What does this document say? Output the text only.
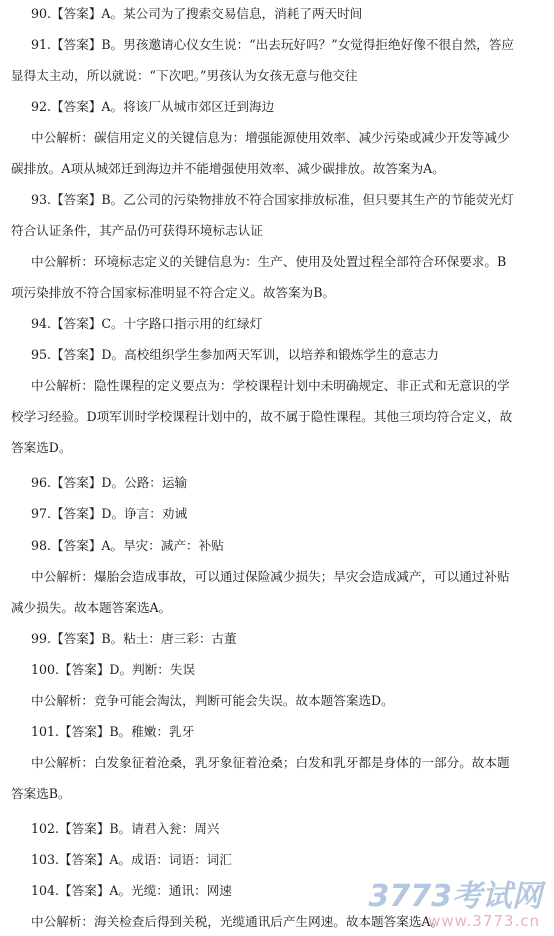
90.【答案】A。某公司为了搜索交易信息，消耗了两天时间
91.【答案】B。男孩邀请心仪女生说：“出去玩好吗？”女觉得拒绝好像不很自然，答应
显得太主动，所以就说：“下次吧。”男孩认为女孩无意与他交往
92.【答案】A。将该厂从城市郊区迁到海边
中公解析：碳信用定义的关键信息为：增强能源使用效率、减少污染或减少开发等减少
碳排放。A项从城郊迁到海边并不能增强使用效率、减少碳排放。故答案为A。
93.【答案】B。乙公司的污染物排放不符合国家排放标准，但只要其生产的节能荧光灯
符合认证条件，其产品仍可获得环境标志认证
中公解析：环境标志定义的关键信息为：生产、使用及处置过程全部符合环保要求。B
项污染排放不符合国家标准明显不符合定义。故答案为B。
94.【答案】C。十字路口指示用的红绿灯
95.【答案】D。高校组织学生参加两天军训，以培养和锻炼学生的意志力
中公解析：隐性课程的定义要点为：学校课程计划中未明确规定、非正式和无意识的学
校学习经验。D项军训时学校课程计划中的，故不属于隐性课程。其他三项均符合定义，故
答案选D。
96.【答案】D。公路：运输
97.【答案】D。诤言：劝诫
98.【答案】A。旱灾：减产：补贴
中公解析：爆胎会造成事故，可以通过保险减少损失；旱灾会造成减产，可以通过补贴
减少损失。故本题答案选A。
99.【答案】B。粘土：唐三彩：古董
100.【答案】D。判断：失误
中公解析：竞争可能会淘汰，判断可能会失误。故本题答案选D。
101.【答案】B。稚嫩：乳牙
中公解析：白发象征着沧桑，乳牙象征着沧桑；白发和乳牙都是身体的一部分。故本题
答案选B。
102.【答案】B。请君入瓮：周兴
103.【答案】A。成语：词语：词汇
104.【答案】A。光缆：通讯：网速
中公解析：海关检查后得到关税，光缆通讯后产生网速。故本题答案选A。
3773考试网
www.3773.cn
